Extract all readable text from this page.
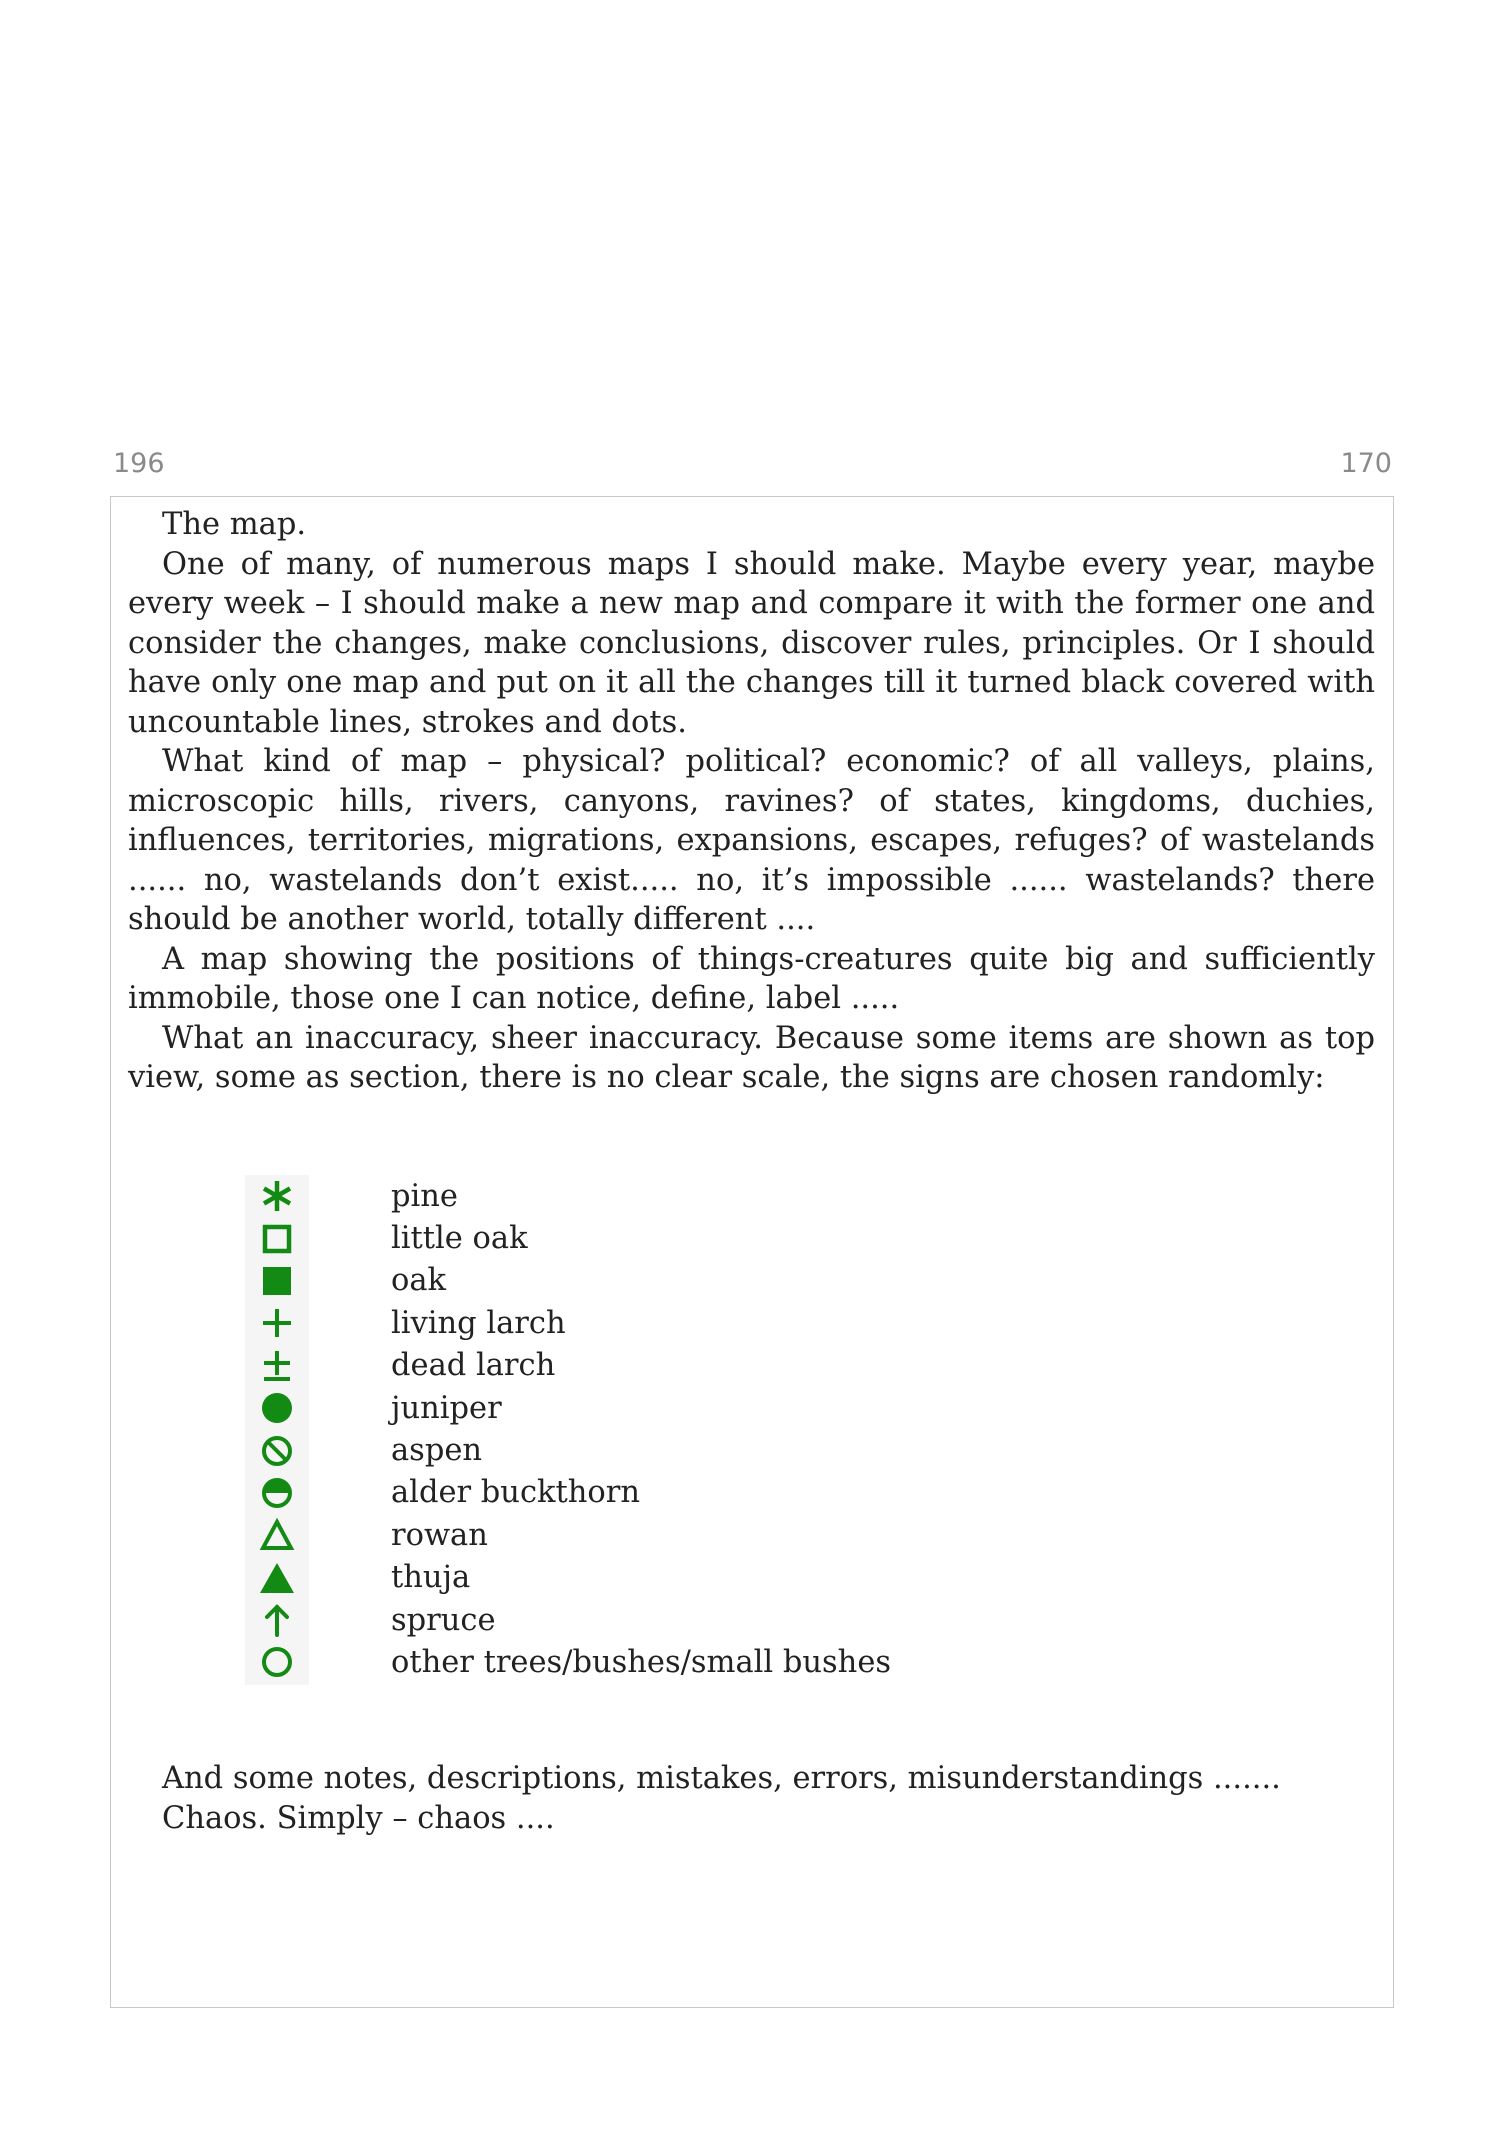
196	170

The map.

One of many, of numerous maps I should make. Maybe every year, maybe every week – I should make a new map and compare it with the former one and consider the changes, make conclusions, discover rules, principles. Or I should have only one map and put on it all the changes till it turned black covered with uncountable lines, strokes and dots.

What kind of map – physical? political? economic? of all valleys, plains, microscopic hills, rivers, canyons, ravines? of states, kingdoms, duchies, influences, territories, migrations, expansions, escapes, refuges? of wastelands ...... no, wastelands don’t exist..... no, it’s impossible ...... wastelands? there should be another world, totally different ....

A map showing the positions of things-creatures quite big and sufficiently immobile, those one I can notice, define, label .....

What an inaccuracy, sheer inaccuracy. Because some items are shown as top view, some as section, there is no clear scale, the signs are chosen randomly:

pine
little oak
oak
living larch
dead larch
juniper
aspen
alder buckthorn
rowan
thuja
spruce
other trees/bushes/small bushes

And some notes, descriptions, mistakes, errors, misunderstandings .......

Chaos. Simply – chaos ....
